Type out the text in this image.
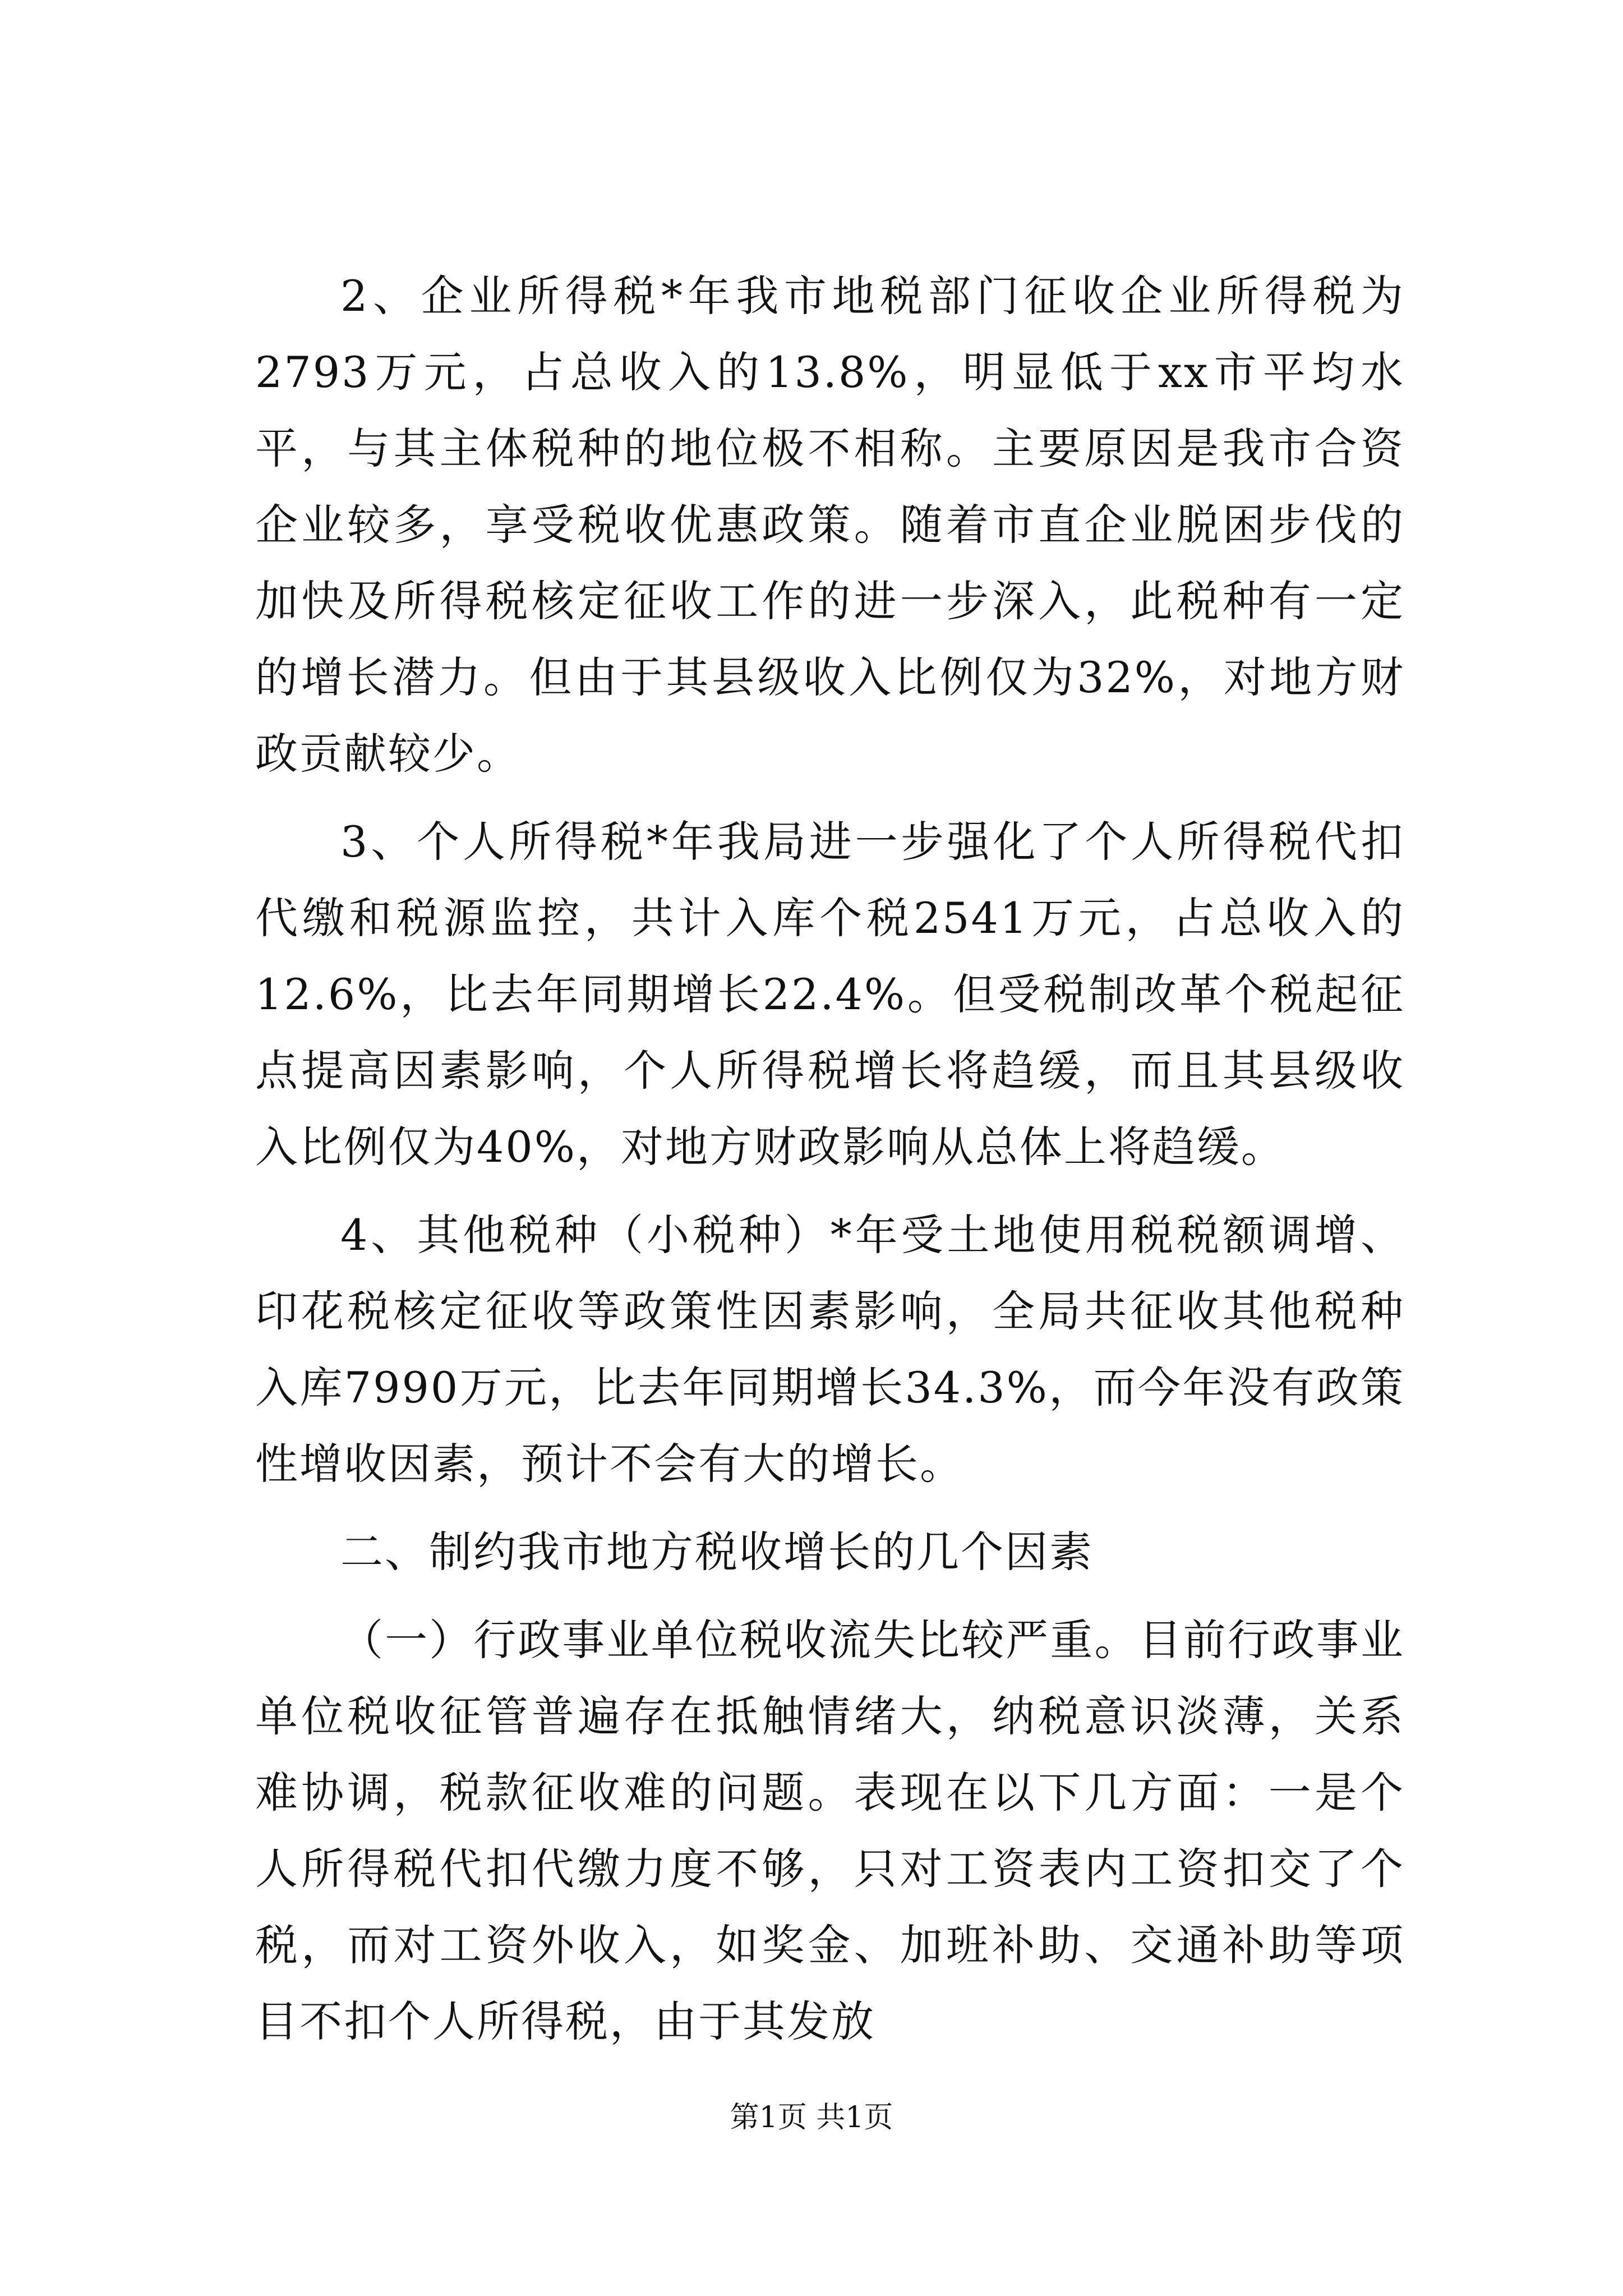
2、企业所得税*年我市地税部门征收企业所得税为2793万元，占总收入的13.8%，明显低于xx市平均水平，与其主体税种的地位极不相称。主要原因是我市合资企业较多，享受税收优惠政策。随着市直企业脱困步伐的加快及所得税核定征收工作的进一步深入，此税种有一定的增长潜力。但由于其县级收入比例仅为32%，对地方财政贡献较少。

3、个人所得税*年我局进一步强化了个人所得税代扣代缴和税源监控，共计入库个税2541万元，占总收入的12.6%，比去年同期增长22.4%。但受税制改革个税起征点提高因素影响，个人所得税增长将趋缓，而且其县级收入比例仅为40%，对地方财政影响从总体上将趋缓。

4、其他税种（小税种）*年受土地使用税税额调增、印花税核定征收等政策性因素影响，全局共征收其他税种入库7990万元，比去年同期增长34.3%，而今年没有政策性增收因素，预计不会有大的增长。

二、制约我市地方税收增长的几个因素

（一）行政事业单位税收流失比较严重。目前行政事业单位税收征管普遍存在抵触情绪大，纳税意识淡薄，关系难协调，税款征收难的问题。表现在以下几方面：一是个人所得税代扣代缴力度不够，只对工资表内工资扣交了个税，而对工资外收入，如奖金、加班补助、交通补助等项目不扣个人所得税，由于其发放

第1页 共1页
